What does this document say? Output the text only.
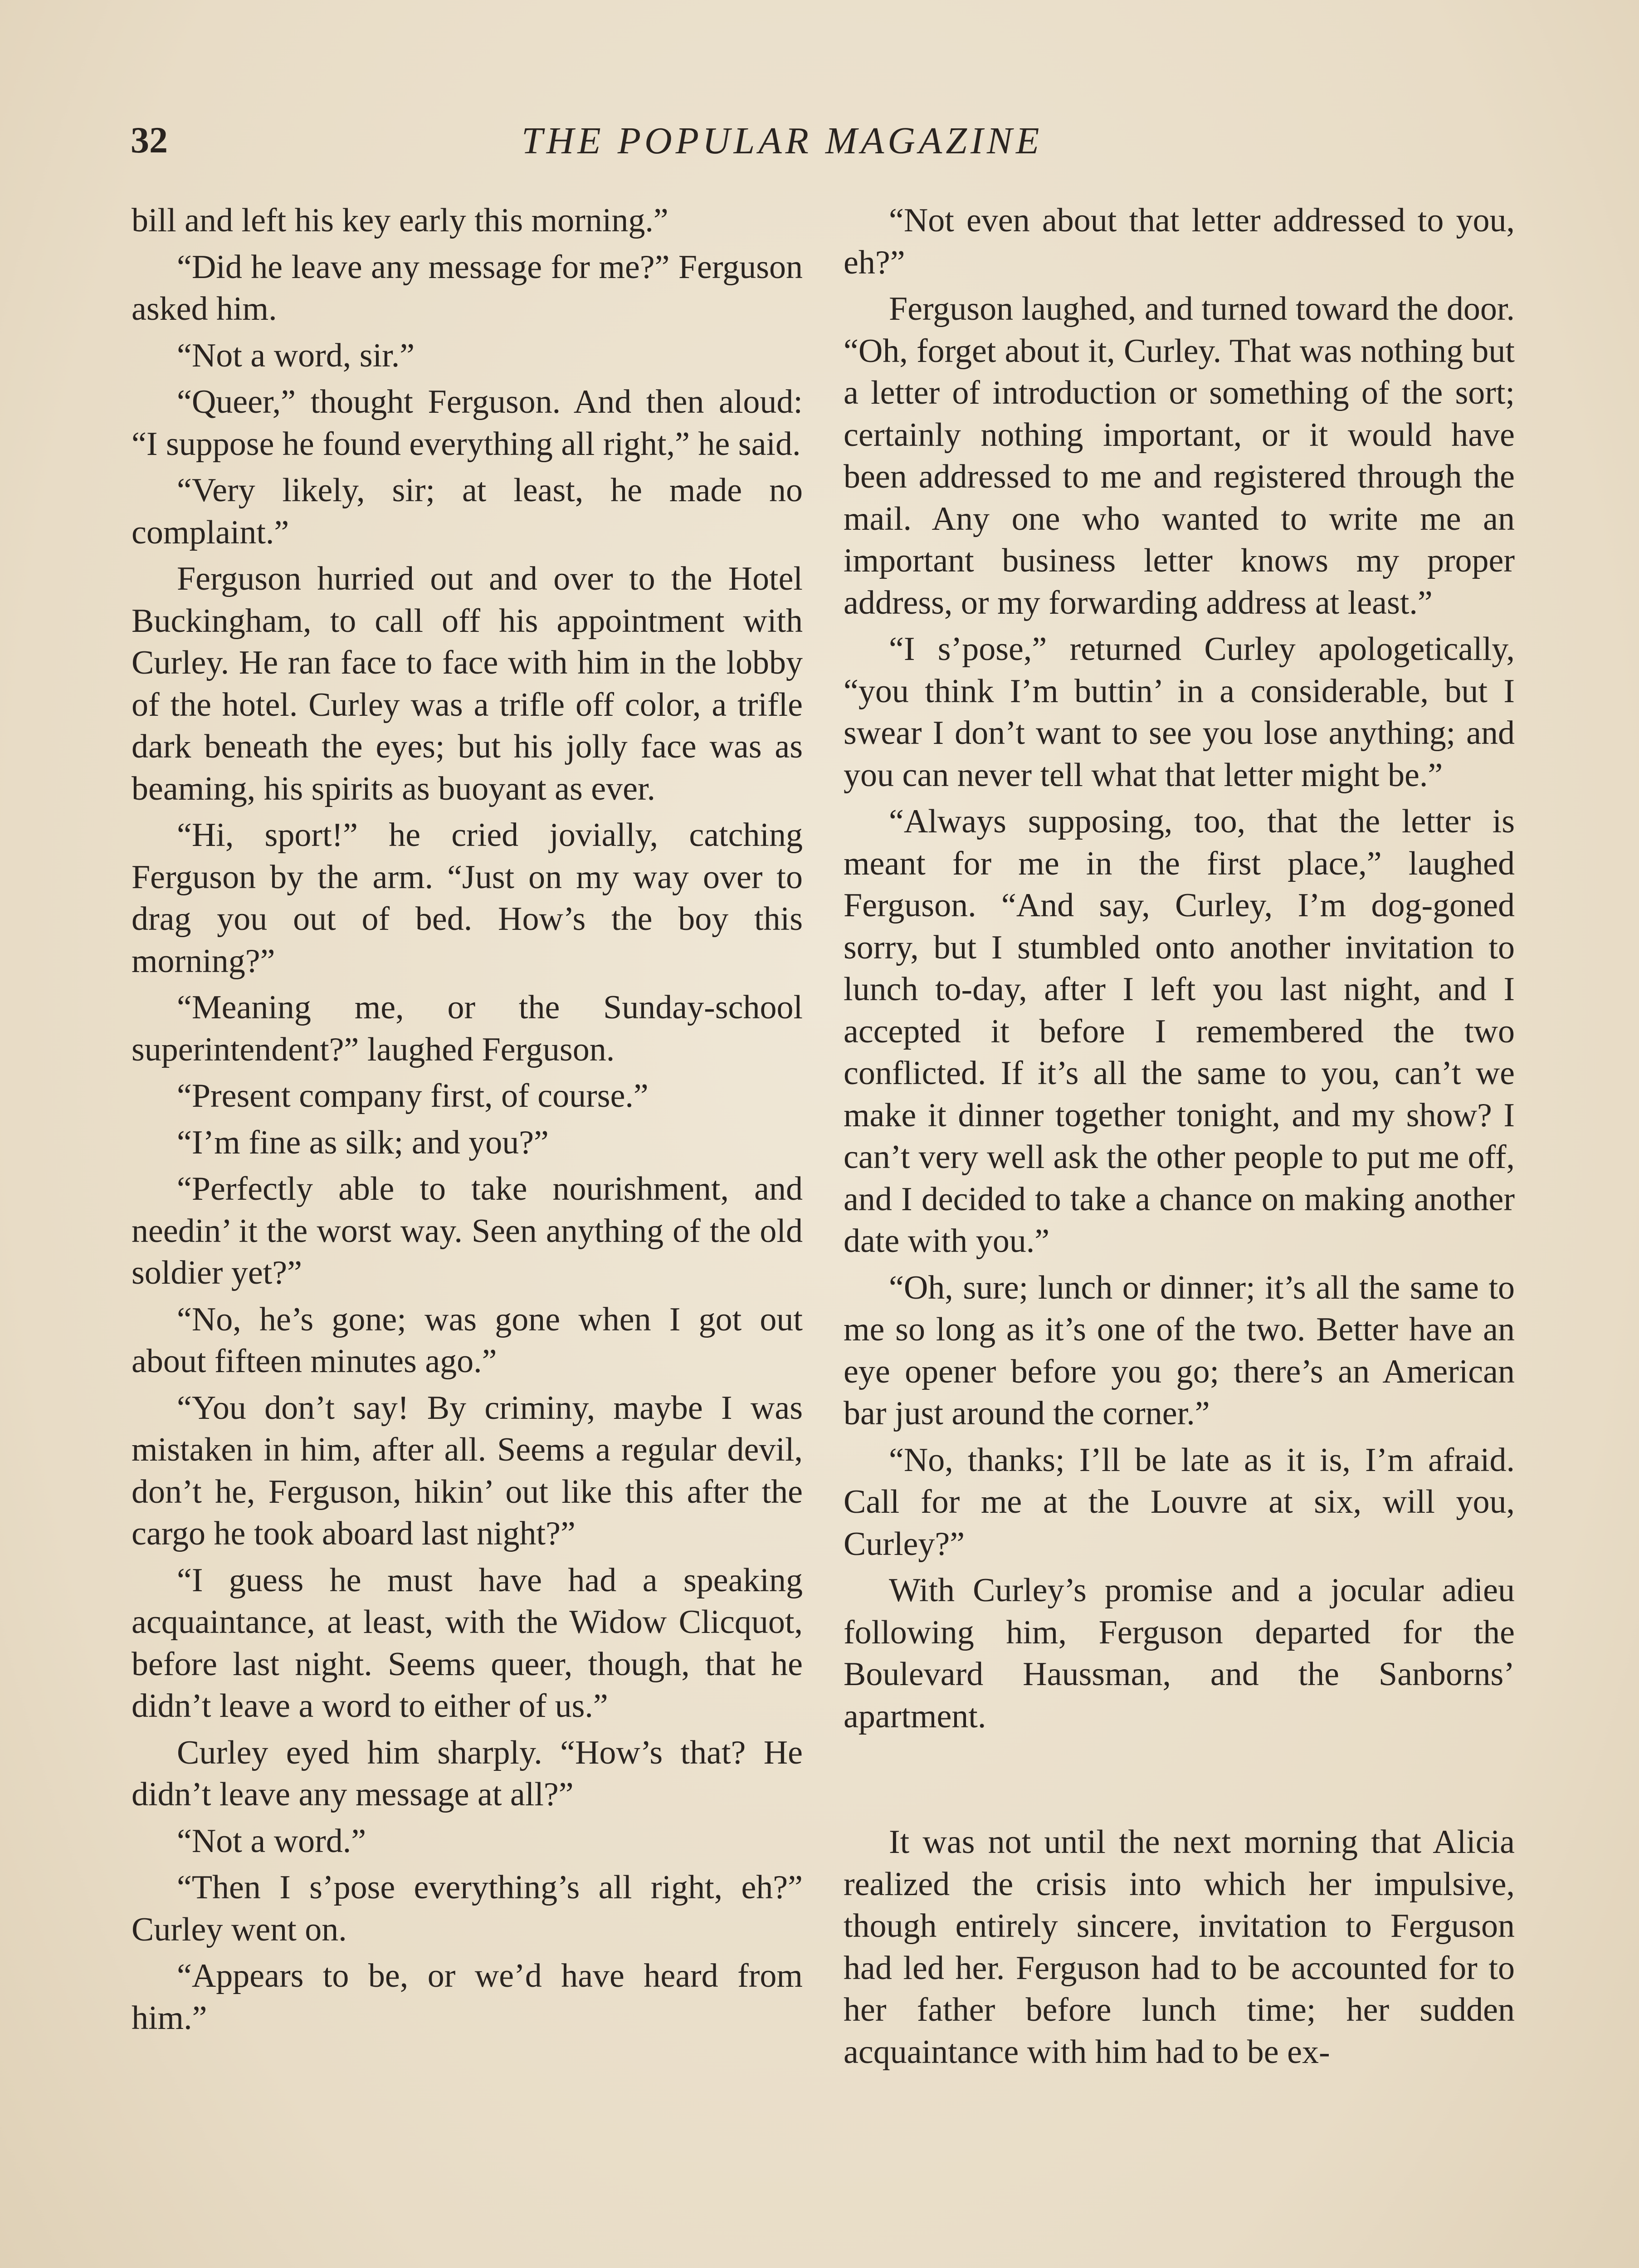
32	THE POPULAR MAGAZINE

bill and left his key early this morning.”

“Did he leave any message for me?” Ferguson asked him.

“Not a word, sir.”

“Queer,” thought Ferguson. And then aloud: “I suppose he found everything all right,” he said.

“Very likely, sir; at least, he made no complaint.”

Ferguson hurried out and over to the Hotel Buckingham, to call off his appointment with Curley. He ran face to face with him in the lobby of the hotel. Curley was a trifle off color, a trifle dark beneath the eyes; but his jolly face was as beaming, his spirits as buoyant as ever.

“Hi, sport!” he cried jovially, catching Ferguson by the arm. “Just on my way over to drag you out of bed. How’s the boy this morning?”

“Meaning me, or the Sunday-school superintendent?” laughed Ferguson.

“Present company first, of course.”

“I’m fine as silk; and you?”

“Perfectly able to take nourishment, and needin’ it the worst way. Seen anything of the old soldier yet?”

“No, he’s gone; was gone when I got out about fifteen minutes ago.”

“You don’t say! By criminy, maybe I was mistaken in him, after all. Seems a regular devil, don’t he, Ferguson, hikin’ out like this after the cargo he took aboard last night?”

“I guess he must have had a speaking acquaintance, at least, with the Widow Clicquot, before last night. Seems queer, though, that he didn’t leave a word to either of us.”

Curley eyed him sharply. “How’s that? He didn’t leave any message at all?”

“Not a word.”

“Then I s’pose everything’s all right, eh?” Curley went on.

“Appears to be, or we’d have heard from him.”

“Not even about that letter addressed to you, eh?”

Ferguson laughed, and turned toward the door. “Oh, forget about it, Curley. That was nothing but a letter of introduction or something of the sort; certainly nothing important, or it would have been addressed to me and registered through the mail. Any one who wanted to write me an important business letter knows my proper address, or my forwarding address at least.”

“I s’pose,” returned Curley apologetically, “you think I’m buttin’ in a considerable, but I swear I don’t want to see you lose anything; and you can never tell what that letter might be.”

“Always supposing, too, that the letter is meant for me in the first place,” laughed Ferguson. “And say, Curley, I’m dog-goned sorry, but I stumbled onto another invitation to lunch to-day, after I left you last night, and I accepted it before I remembered the two conflicted. If it’s all the same to you, can’t we make it dinner together tonight, and my show? I can’t very well ask the other people to put me off, and I decided to take a chance on making another date with you.”

“Oh, sure; lunch or dinner; it’s all the same to me so long as it’s one of the two. Better have an eye opener before you go; there’s an American bar just around the corner.”

“No, thanks; I’ll be late as it is, I’m afraid. Call for me at the Louvre at six, will you, Curley?”

With Curley’s promise and a jocular adieu following him, Ferguson departed for the Boulevard Haussman, and the Sanborns’ apartment.

It was not until the next morning that Alicia realized the crisis into which her impulsive, though entirely sincere, invitation to Ferguson had led her. Ferguson had to be accounted for to her father before lunch time; her sudden acquaintance with him had to be ex-
